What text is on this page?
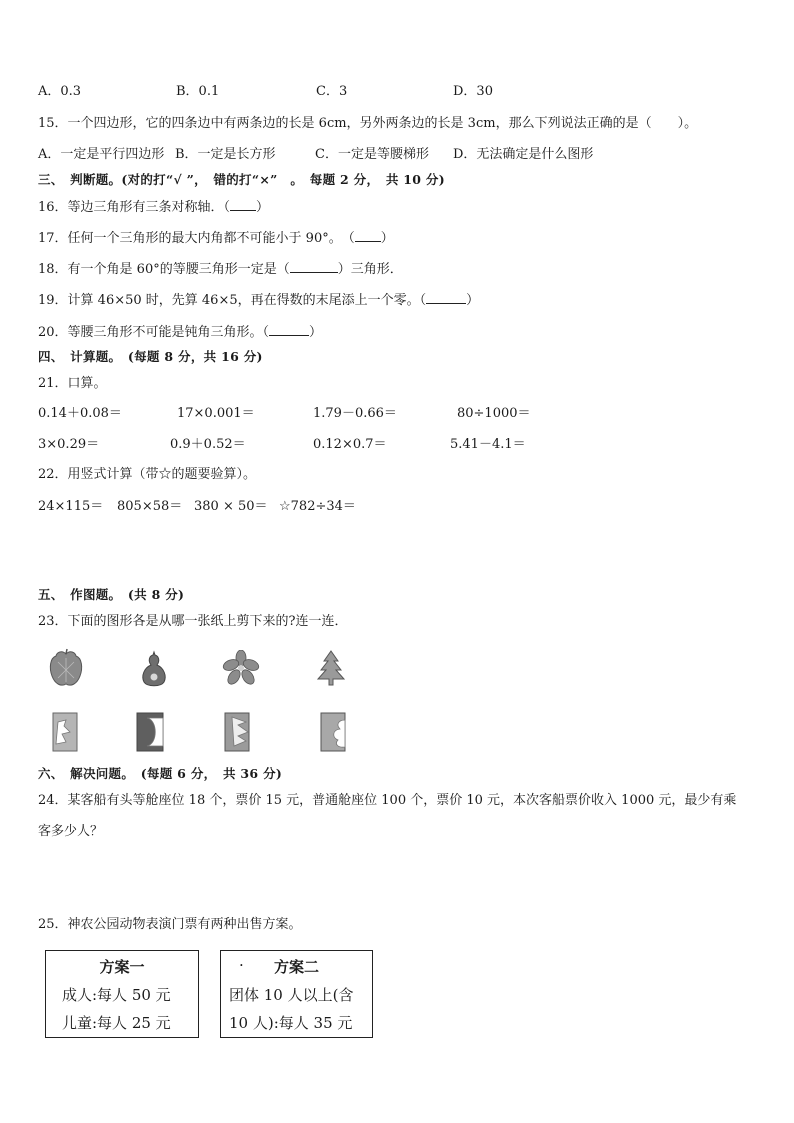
A．0.3	B．0.1	C．3	D．30
15．一个四边形，它的四条边中有两条边的长是 6cm，另外两条边的长是 3cm，那么下列说法正确的是（　　）。
A．一定是平行四边形 B．一定是长方形	C．一定是等腰梯形 D．无法确定是什么图形
三、　判断题。(对的打“√ ”，　错的打“×”　。　每题 2 分，　共 10 分)
16．等边三角形有三条对称轴．（ ）
17．任何一个三角形的最大内角都不可能小于 90°。　（ ）
18．有一个角是 60°的等腰三角形一定是（	）三角形．
19．计算 46×50 时，先算 46×5，再在得数的末尾添上一个零。（	）
20．等腰三角形不可能是钝角三角形。（	）
四、　计算题。　(每题 8 分，共 16 分)
21．口算。
0.14＋0.08＝	17×0.001＝	1.79－0.66＝	80÷1000＝
3×0.29＝	0.9＋0.52＝	0.12×0.7＝	5.41－4.1＝
22．用竖式计算（带☆的题要验算）。
24×115＝ 805×58＝ 380 × 50＝ ☆782÷34＝
五、　作图题。　(共 8 分)
23．下面的图形各是从哪一张纸上剪下来的?连一连．
六、　解决问题。　(每题 6 分，　共 36 分)
24．某客船有头等舱座位 18 个，票价 15 元，普通舱座位 100 个，票价 10 元，本次客船票价收入 1000 元，最少有乘
客多少人？
25．神农公园动物表演门票有两种出售方案。
方案一
成人:每人 50 元
儿童:每人 25 元
·	方案二
团体 10 人以上(含
10 人):每人 35 元
